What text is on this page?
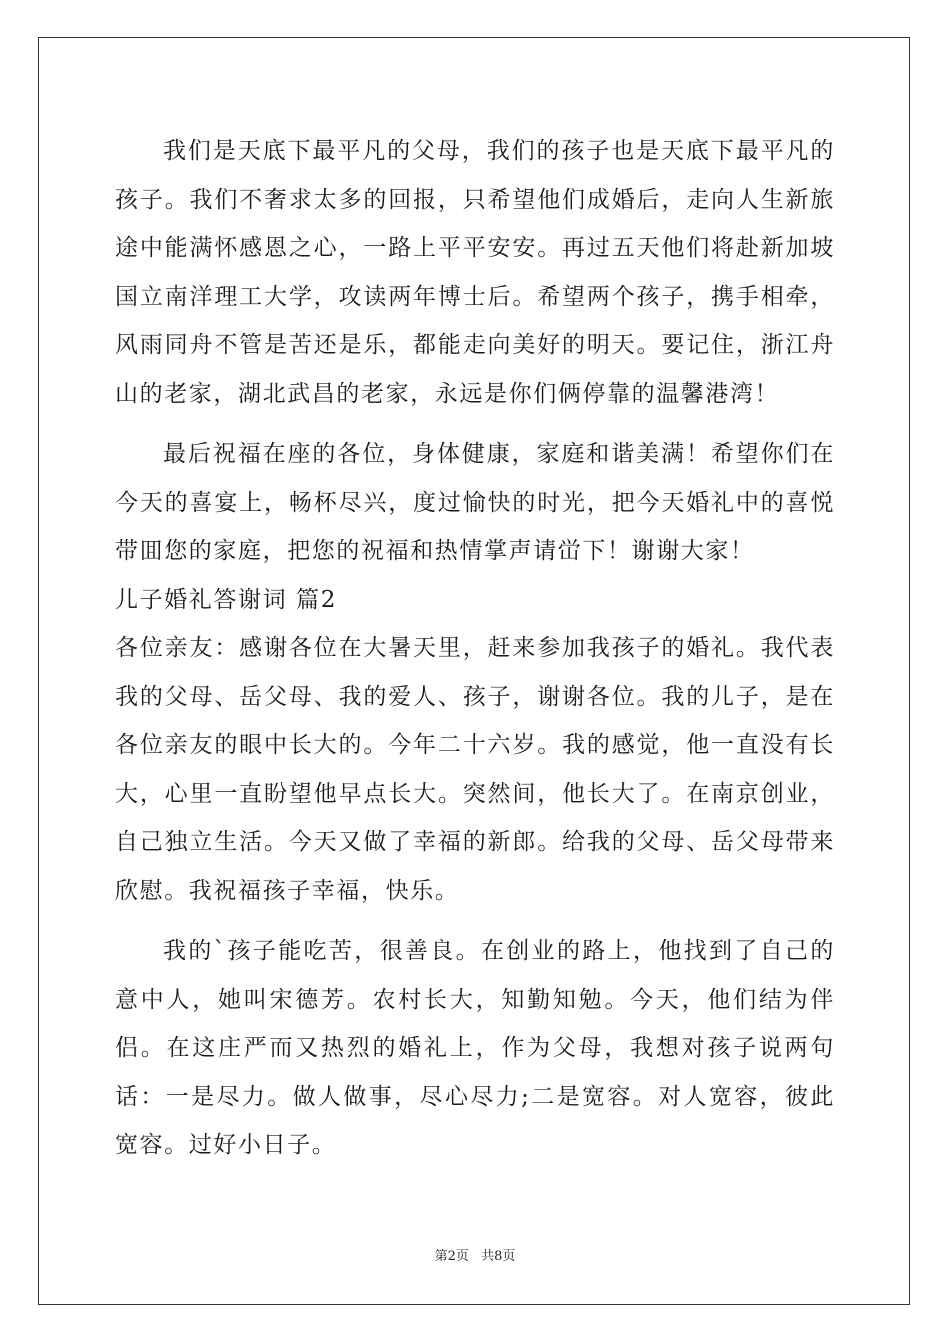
我们是天底下最平凡的父母，我们的孩子也是天底下最平凡的孩子。我们不奢求太多的回报，只希望他们成婚后，走向人生新旅途中能满怀感恩之心，一路上平平安安。再过五天他们将赴新加坡国立南洋理工大学，攻读两年博士后。希望两个孩子，携手相牵，风雨同舟不管是苦还是乐，都能走向美好的明天。要记住，浙江舟山的老家，湖北武昌的老家，永远是你们俩停靠的温馨港湾！

最后祝福在座的各位，身体健康，家庭和谐美满！希望你们在今天的喜宴上，畅杯尽兴，度过愉快的时光，把今天婚礼中的喜悦带囬您的家庭，把您的祝福和热情掌声请峃下！谢谢大家！

儿子婚礼答谢词 篇2

各位亲友：感谢各位在大暑天里，赶来参加我孩子的婚礼。我代表我的父母、岳父母、我的爱人、孩子，谢谢各位。我的儿子，是在各位亲友的眼中长大的。今年二十六岁。我的感觉，他一直没有长大，心里一直盼望他早点长大。突然间，他长大了。在南京创业，自己独立生活。今天又做了幸福的新郎。给我的父母、岳父母带来欣慰。我祝福孩子幸福，快乐。

我的`孩子能吃苦，很善良。在创业的路上，他找到了自己的意中人，她叫宋德芳。农村长大，知勤知勉。今天，他们结为伴侣。在这庄严而又热烈的婚礼上，作为父母，我想对孩子说两句话：一是尽力。做人做事，尽心尽力;二是宽容。对人宽容，彼此宽容。过好小日子。

第2页 共8页
